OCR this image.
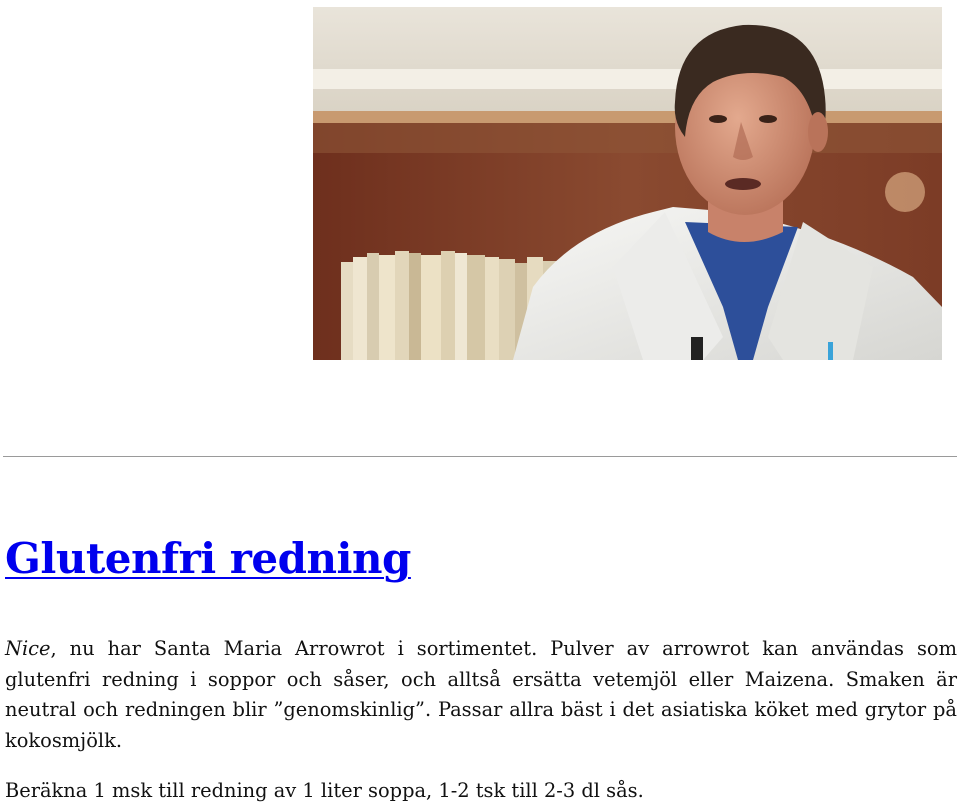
Glutenfri redning

Nice, nu har Santa Maria Arrowrot i sortimentet. Pulver av arrowrot kan användas som glutenfri redning i soppor och såser, och alltså ersätta vetemjöl eller Maizena. Smaken är neutral och redningen blir ”genomskinlig”. Passar allra bäst i det asiatiska köket med grytor på kokosmjölk.

Beräkna 1 msk till redning av 1 liter soppa, 1-2 tsk till 2-3 dl sås.
